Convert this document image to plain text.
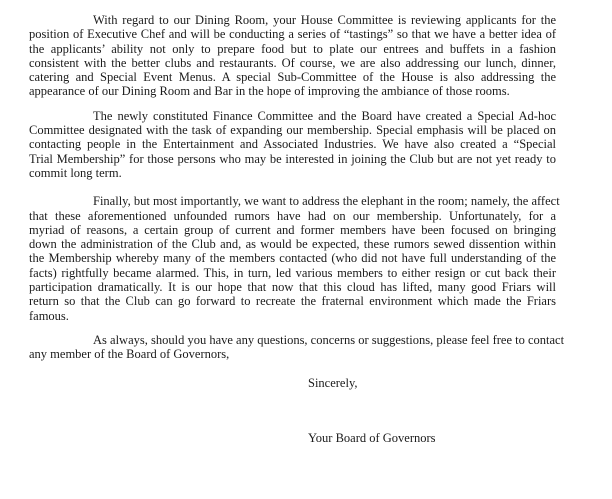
With regard to our Dining Room, your House Committee is reviewing applicants for the
position of Executive Chef and will be conducting a series of “tastings” so that we have a better idea of
the applicants’ ability not only to prepare food but to plate our entrees and buffets in a fashion
consistent with the better clubs and restaurants. Of course, we are also addressing our lunch, dinner,
catering and Special Event Menus. A special Sub-Committee of the House is also addressing the
appearance of our Dining Room and Bar in the hope of improving the ambiance of those rooms.
The newly constituted Finance Committee and the Board have created a Special Ad-hoc
Committee designated with the task of expanding our membership. Special emphasis will be placed on
contacting people in the Entertainment and Associated Industries. We have also created a “Special
Trial Membership” for those persons who may be interested in joining the Club but are not yet ready to
commit long term.
Finally, but most importantly, we want to address the elephant in the room; namely, the affect
that these aforementioned unfounded rumors have had on our membership. Unfortunately, for a
myriad of reasons, a certain group of current and former members have been focused on bringing
down the administration of the Club and, as would be expected, these rumors sewed dissention within
the Membership whereby many of the members contacted (who did not have full understanding of the
facts) rightfully became alarmed. This, in turn, led various members to either resign or cut back their
participation dramatically. It is our hope that now that this cloud has lifted, many good Friars will
return so that the Club can go forward to recreate the fraternal environment which made the Friars
famous.
As always, should you have any questions, concerns or suggestions, please feel free to contact
any member of the Board of Governors,
Sincerely,
Your Board of Governors
